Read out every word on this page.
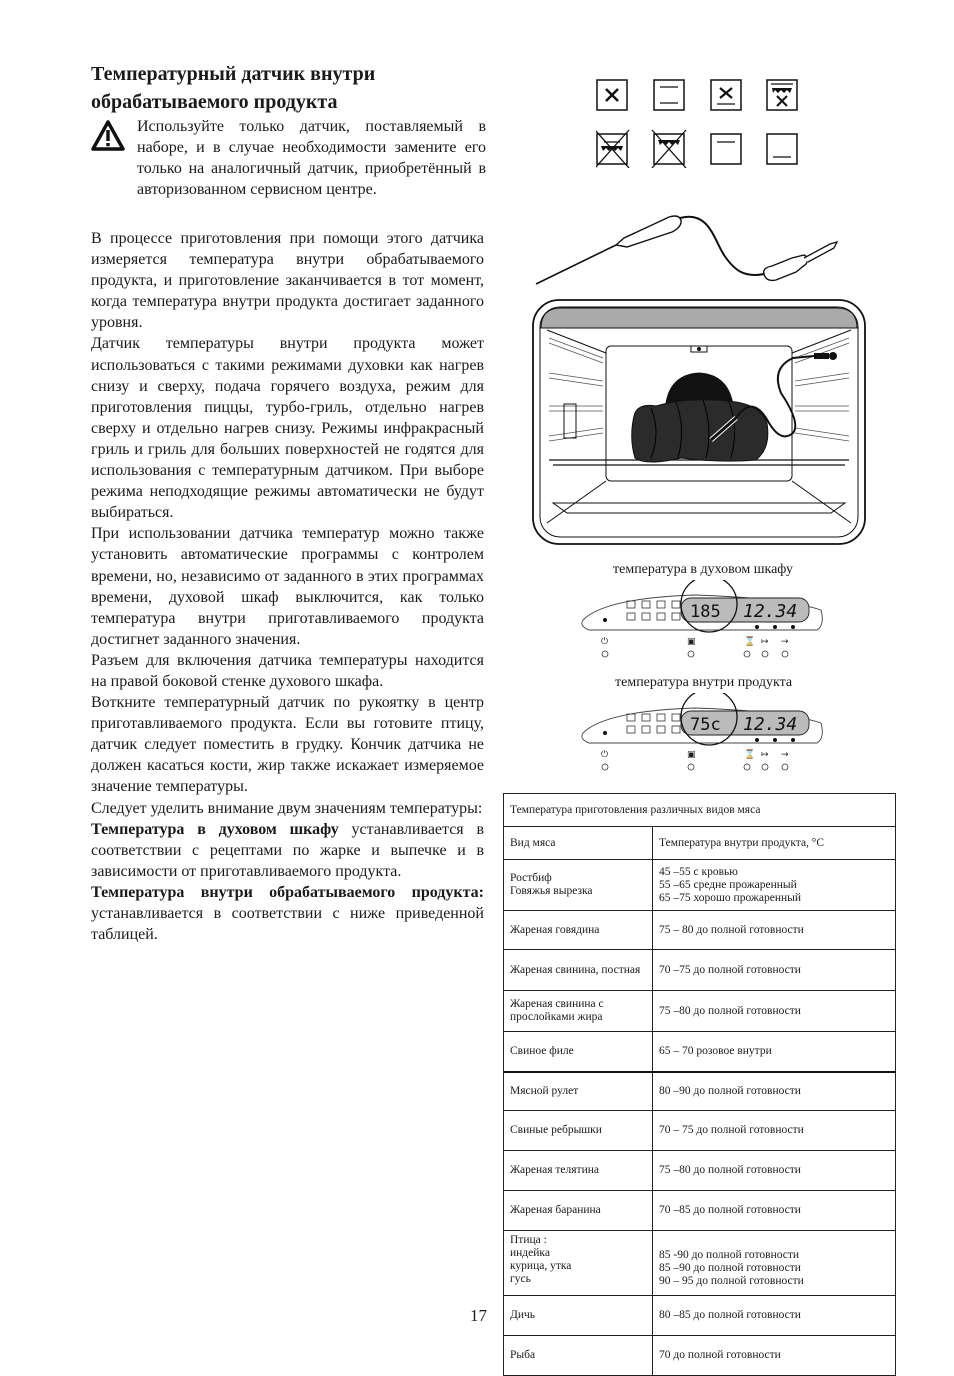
Температурный датчик внутри обрабатываемого продукта
Используйте только датчик, поставляемый в наборе, и в случае необходимости замените его только на аналогичный датчик, приобретённый в авторизованном сервисном центре.

В процессе приготовления при помощи этого датчика измеряется температура внутри обрабатываемого продукта, и приготовление заканчивается в тот момент, когда температура внутри продукта достигает заданного уровня.

Датчик температуры внутри продукта может использоваться с такими режимами духовки как нагрев снизу и сверху, подача горячего воздуха, режим для приготовления пиццы, турбо-гриль, отдельно нагрев сверху и отдельно нагрев снизу. Режимы инфракрасный гриль и гриль для больших поверхностей не годятся для использования с температурным датчиком. При выборе режима неподходящие режимы автоматически не будут выбираться.

При использовании датчика температур можно также установить автоматические программы с контролем времени, но, независимо от заданного в этих программах времени, духовой шкаф выключится, как только температура внутри приготавливаемого продукта достигнет заданного значения.

Разъем для включения датчика температуры находится на правой боковой стенке духового шкафа.

Воткните температурный датчик по рукоятку в центр приготавливаемого продукта. Если вы готовите птицу, датчик следует поместить в грудку. Кончик датчика не должен касаться кости, жир также искажает измеряемое значение температуры.

Следует уделить внимание двум значениям температуры:

Температура в духовом шкафу устанавливается в соответствии с рецептами по жарке и выпечке и в зависимости от приготавливаемого продукта.

Температура внутри обрабатываемого продукта: устанавливается в соответствии с ниже приведенной таблицей.

температура в духовом шкафу
185 12.34
⏻	▣	⌛ ↦ →
температура внутри продукта
75c 12.34
⏻	▣	⌛ ↦ →
Температура приготовления различных видов мяса	
Вид мяса	Температура внутри продукта, °С

Ростбиф
Говяжья вырезка	45 –55 с кровью
55 –65 средне прожаренный
65 –75 хорошо прожаренный

Жареная говядина	75 – 80 до полной готовности

Жареная свинина, постная	70 –75 до полной готовности

Жареная свинина с прослойками жира	75 –80 до полной готовности

Свиное филе	65 – 70 розовое внутри

Мясной рулет	80 –90 до полной готовности

Свиные ребрышки	70 – 75 до полной готовности

Жареная телятина	75 –80 до полной готовности

Жареная баранина	70 –85 до полной готовности

Птица :
индейка
курица, утка
гусь	85 -90 до полной готовности
85 –90 до полной готовности
90 – 95 до полной готовности

Дичь	80 –85 до полной готовности

Рыба	70 до полной готовности
17
